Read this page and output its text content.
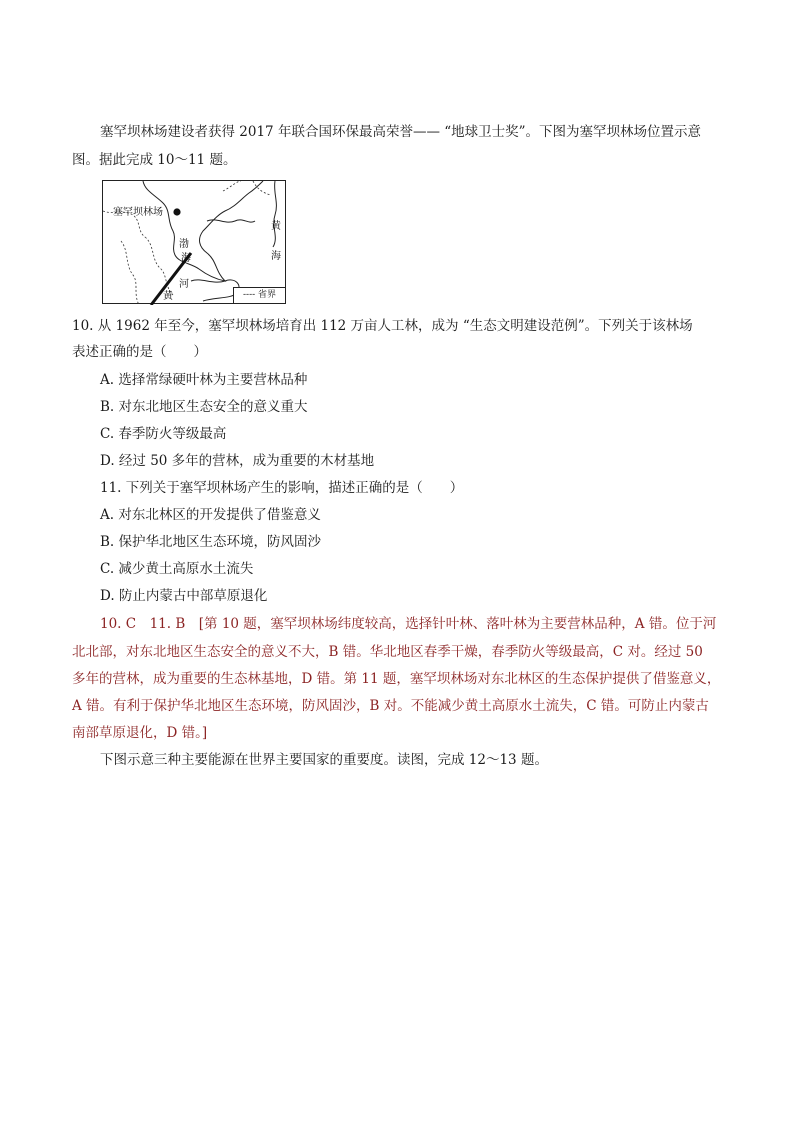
塞罕坝林场建设者获得 2017 年联合国环保最高荣誉—— “地球卫士奖”。下图为塞罕坝林场位置示意
图。据此完成 10～11 题。
塞罕坝林场
渤
海
黄
海
河
黄	---- 省界
10. 从 1962 年至今，塞罕坝林场培育出 112 万亩人工林，成为 “生态文明建设范例”。下列关于该林场
表述正确的是（　　）
A. 选择常绿硬叶林为主要营林品种
B. 对东北地区生态安全的意义重大
C. 春季防火等级最高
D. 经过 50 多年的营林，成为重要的木材基地
11. 下列关于塞罕坝林场产生的影响，描述正确的是（　　）
A. 对东北林区的开发提供了借鉴意义
B. 保护华北地区生态环境，防风固沙
C. 减少黄土高原水土流失
D. 防止内蒙古中部草原退化
10. C　11. B　[第 10 题，塞罕坝林场纬度较高，选择针叶林、落叶林为主要营林品种，A 错。位于河
北北部，对东北地区生态安全的意义不大，B 错。华北地区春季干燥，春季防火等级最高，C 对。经过 50
多年的营林，成为重要的生态林基地，D 错。第 11 题，塞罕坝林场对东北林区的生态保护提供了借鉴意义，
A 错。有利于保护华北地区生态环境，防风固沙，B 对。不能减少黄土高原水土流失，C 错。可防止内蒙古
南部草原退化，D 错。]
下图示意三种主要能源在世界主要国家的重要度。读图，完成 12～13 题。
